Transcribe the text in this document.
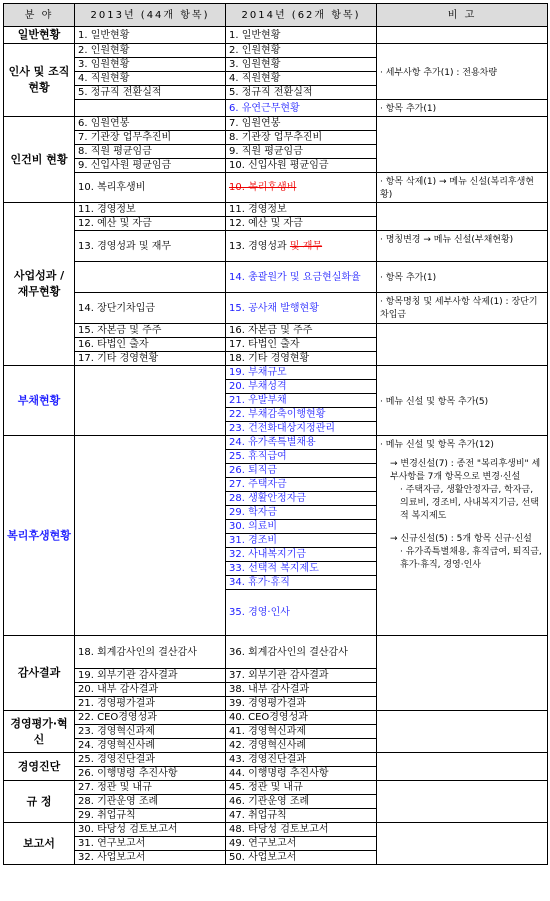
분 야	2013년 (44개 항목)	2014년 (62개 항목)	비 고
일반현황	1. 일반현황	1. 일반현황	
인사 및 조직현황	2. 인원현황	2. 인원현황	· 세부사항 추가(1) : 전용차량
	3. 임원현황	3. 임원현황	
	4. 직원현황	4. 직원현황	
	5. 정규직 전환실적	5. 정규직 전환실적	
		6. 유연근무현황	· 항목 추가(1)
인건비 현황	6. 임원연봉	7. 임원연봉	
	7. 기관장 업무추진비	8. 기관장 업무추진비	
	8. 직원 평균임금	9. 직원 평균임금	
	9. 신입사원 평균임금	10. 신입사원 평균임금	
	10. 복리후생비	10. 복리후생비	· 항목 삭제(1) → 메뉴 신설(복리후생현황)
사업성과 / 재무현황	11. 경영정보	11. 경영정보	
	12. 예산 및 자금	12. 예산 및 자금	
	13. 경영성과 및 재무	13. 경영성과 및 재무	· 명칭변경 → 메뉴 신설(부채현황)
		14. 총괄원가 및 요금현실화율	· 항목 추가(1)
	14. 장단기차입금	15. 공사채 발행현황	· 항목명칭 및 세부사항 삭제(1) : 장단기 차입금
	15. 자본금 및 주주	16. 자본금 및 주주	
	16. 타법인 출자	17. 타법인 출자	
	17. 기타 경영현황	18. 기타 경영현황	
부채현황		19. 부채규모	· 메뉴 신설 및 항목 추가(5)
		20. 부채성격	
		21. 우발부채	
		22. 부채감축이행현황	
		23. 건전화대상지정관리	
복리후생현황		24. 유가족특별채용	· 메뉴 신설 및 항목 추가(12)
→ 변경신설(7) : 종전 "복리후생비" 세부사항를 7개 항목으로 변경·신설
· 주택자금, 생활안정자금, 학자금, 의료비, 경조비, 사내복지기금, 선택적 복지제도
→ 신규신설(5) : 5개 항목 신규·신설
· 유가족특별채용, 휴직급여, 퇴직금, 휴가·휴직, 경영·인사

		25. 휴직급여	
		26. 퇴직금	
		27. 주택자금	
		28. 생활안정자금	
		29. 학자금	
		30. 의료비	
		31. 경조비	
		32. 사내복지기금	
		33. 선택적 복지제도	
		34. 휴가·휴직	
		35. 경영·인사	
감사결과	18. 회계감사인의 결산감사	36. 회계감사인의 결산감사	
	19. 외부기관 감사결과	37. 외부기관 감사결과	
	20. 내부 감사결과	38. 내부 감사결과	
	21. 경영평가결과	39. 경영평가결과	
경영평가·혁신	22. CEO경영성과	40. CEO경영성과	
	23. 경영혁신과제	41. 경영혁신과제	
	24. 경영혁신사례	42. 경영혁신사례	
경영진단	25. 경영진단결과	43. 경영진단결과	
	26. 이행명령 추진사항	44. 이행명령 추진사항	
규 정	27. 정관 및 내규	45. 정관 및 내규	
	28. 기관운영 조례	46. 기관운영 조례	
	29. 취업규칙	47. 취업규칙	
보고서	30. 타당성 검토보고서	48. 타당성 검토보고서	
	31. 연구보고서	49. 연구보고서	
	32. 사업보고서	50. 사업보고서	
